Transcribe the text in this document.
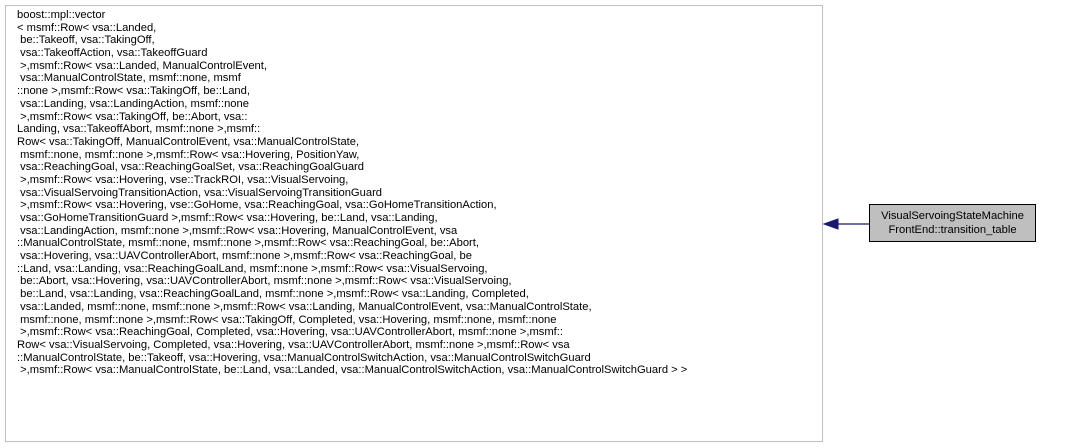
boost::mpl::vector
< msmf::Row< vsa::Landed,
be::Takeoff, vsa::TakingOff,
vsa::TakeoffAction, vsa::TakeoffGuard
>,msmf::Row< vsa::Landed, ManualControlEvent,
vsa::ManualControlState, msmf::none, msmf
::none >,msmf::Row< vsa::TakingOff, be::Land,
vsa::Landing, vsa::LandingAction, msmf::none
>,msmf::Row< vsa::TakingOff, be::Abort, vsa::
Landing, vsa::TakeoffAbort, msmf::none >,msmf::
Row< vsa::TakingOff, ManualControlEvent, vsa::ManualControlState,
msmf::none, msmf::none >,msmf::Row< vsa::Hovering, PositionYaw,
vsa::ReachingGoal, vsa::ReachingGoalSet, vsa::ReachingGoalGuard
>,msmf::Row< vsa::Hovering, vse::TrackROI, vsa::VisualServoing,
vsa::VisualServoingTransitionAction, vsa::VisualServoingTransitionGuard
>,msmf::Row< vsa::Hovering, vse::GoHome, vsa::ReachingGoal, vsa::GoHomeTransitionAction,
vsa::GoHomeTransitionGuard >,msmf::Row< vsa::Hovering, be::Land, vsa::Landing,
vsa::LandingAction, msmf::none >,msmf::Row< vsa::Hovering, ManualControlEvent, vsa
::ManualControlState, msmf::none, msmf::none >,msmf::Row< vsa::ReachingGoal, be::Abort,
vsa::Hovering, vsa::UAVControllerAbort, msmf::none >,msmf::Row< vsa::ReachingGoal, be
::Land, vsa::Landing, vsa::ReachingGoalLand, msmf::none >,msmf::Row< vsa::VisualServoing,
be::Abort, vsa::Hovering, vsa::UAVControllerAbort, msmf::none >,msmf::Row< vsa::VisualServoing,
be::Land, vsa::Landing, vsa::ReachingGoalLand, msmf::none >,msmf::Row< vsa::Landing, Completed,
vsa::Landed, msmf::none, msmf::none >,msmf::Row< vsa::Landing, ManualControlEvent, vsa::ManualControlState,
msmf::none, msmf::none >,msmf::Row< vsa::TakingOff, Completed, vsa::Hovering, msmf::none, msmf::none
>,msmf::Row< vsa::ReachingGoal, Completed, vsa::Hovering, vsa::UAVControllerAbort, msmf::none >,msmf::
Row< vsa::VisualServoing, Completed, vsa::Hovering, vsa::UAVControllerAbort, msmf::none >,msmf::Row< vsa
::ManualControlState, be::Takeoff, vsa::Hovering, vsa::ManualControlSwitchAction, vsa::ManualControlSwitchGuard
>,msmf::Row< vsa::ManualControlState, be::Land, vsa::Landed, vsa::ManualControlSwitchAction, vsa::ManualControlSwitchGuard > >
VisualServoingStateMachine
FrontEnd::transition_table
